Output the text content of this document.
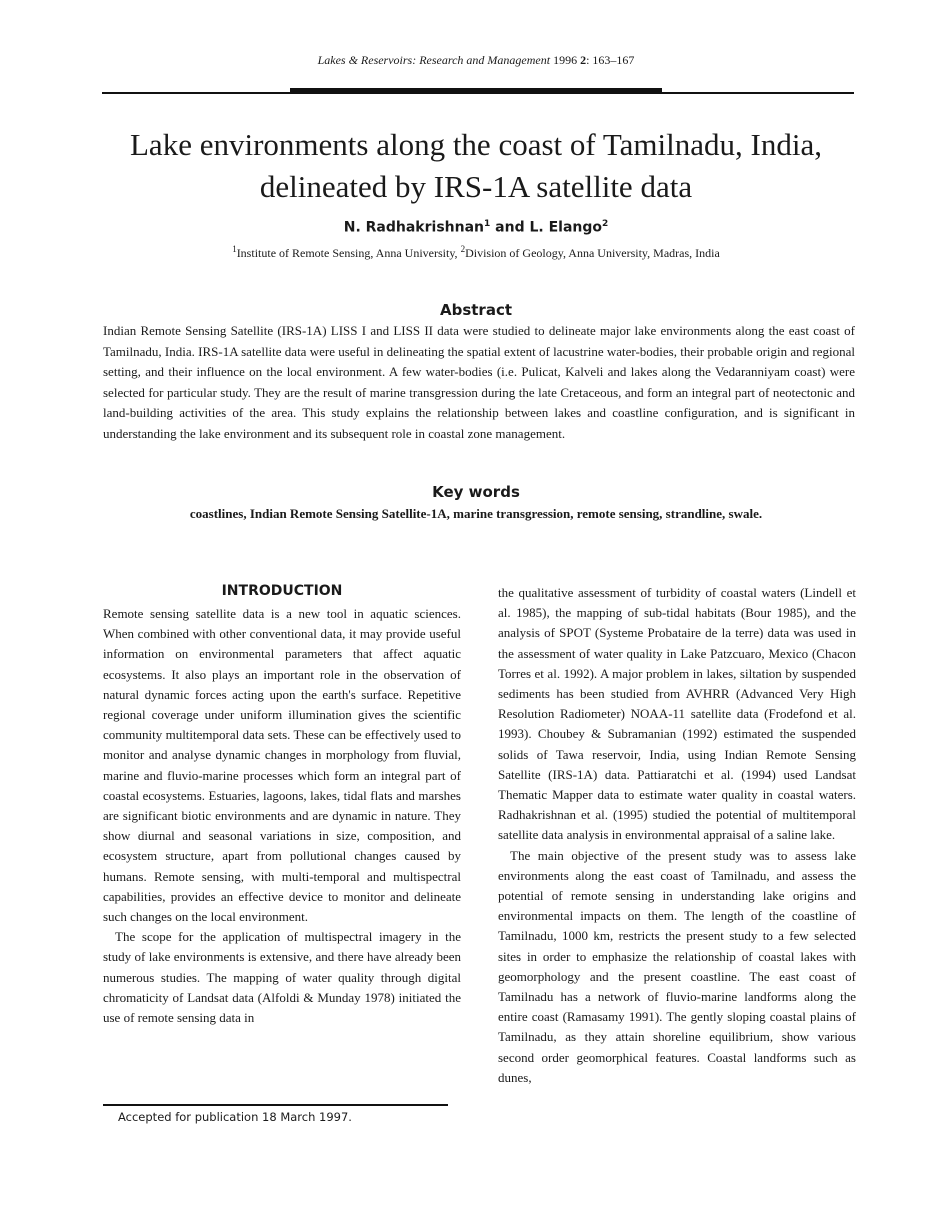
Lakes & Reservoirs: Research and Management 1996 2: 163–167
Lake environments along the coast of Tamilnadu, India,
delineated by IRS-1A satellite data
N. Radhakrishnan$^1$ and L. Elango$^2$
$^1$Institute of Remote Sensing, Anna University, $^2$Division of Geology, Anna University, Madras, India
Abstract
Indian Remote Sensing Satellite (IRS-1A) LISS I and LISS II data were studied to delineate major lake environments along the east coast of Tamilnadu, India. IRS-1A satellite data were useful in delineating the spatial extent of lacustrine water-bodies, their probable origin and regional setting, and their influence on the local environment. A few water-bodies (i.e. Pulicat, Kalveli and lakes along the Vedaranniyam coast) were selected for particular study. They are the result of marine transgression during the late Cretaceous, and form an integral part of neotectonic and land-building activities of the area. This study explains the relationship between lakes and coastline configuration, and is significant in understanding the lake environment and its subsequent role in coastal zone management.
Key words
coastlines, Indian Remote Sensing Satellite-1A, marine transgression, remote sensing, strandline, swale.
INTRODUCTION

Remote sensing satellite data is a new tool in aquatic sciences. When combined with other conventional data, it may provide useful information on environmental parameters that affect aquatic ecosystems. It also plays an important role in the observation of natural dynamic forces acting upon the earth's surface. Repetitive regional coverage under uniform illumination gives the scientific community multitemporal data sets. These can be effectively used to monitor and analyse dynamic changes in morphology from fluvial, marine and fluvio-marine processes which form an integral part of coastal ecosystems. Estuaries, lagoons, lakes, tidal flats and marshes are significant biotic environments and are dynamic in nature. They show diurnal and seasonal variations in size, composition, and ecosystem structure, apart from pollutional changes caused by humans. Remote sensing, with multi-temporal and multispectral capabilities, provides an effective device to monitor and delineate such changes on the local environment.

The scope for the application of multispectral imagery in the study of lake environments is extensive, and there have already been numerous studies. The mapping of water quality through digital chromaticity of Landsat data (Alfoldi & Munday 1978) initiated the use of remote sensing data in

the qualitative assessment of turbidity of coastal waters (Lindell et al. 1985), the mapping of sub-tidal habitats (Bour 1985), and the analysis of SPOT (Systeme Probataire de la terre) data was used in the assessment of water quality in Lake Patzcuaro, Mexico (Chacon Torres et al. 1992). A major problem in lakes, siltation by suspended sediments has been studied from AVHRR (Advanced Very High Resolution Radiometer) NOAA-11 satellite data (Frodefond et al. 1993). Choubey & Subramanian (1992) estimated the suspended solids of Tawa reservoir, India, using Indian Remote Sensing Satellite (IRS-1A) data. Pattiaratchi et al. (1994) used Landsat Thematic Mapper data to estimate water quality in coastal waters. Radhakrishnan et al. (1995) studied the potential of multitemporal satellite data analysis in environmental appraisal of a saline lake.

The main objective of the present study was to assess lake environments along the east coast of Tamilnadu, and assess the potential of remote sensing in understanding lake origins and environmental impacts on them. The length of the coastline of Tamilnadu, 1000 km, restricts the present study to a few selected sites in order to emphasize the relationship of coastal lakes with geomorphology and the present coastline. The east coast of Tamilnadu has a network of fluvio-marine landforms along the entire coast (Ramasamy 1991). The gently sloping coastal plains of Tamilnadu, as they attain shoreline equilibrium, show various second order geomorphical features. Coastal landforms such as dunes,

Accepted for publication 18 March 1997.
